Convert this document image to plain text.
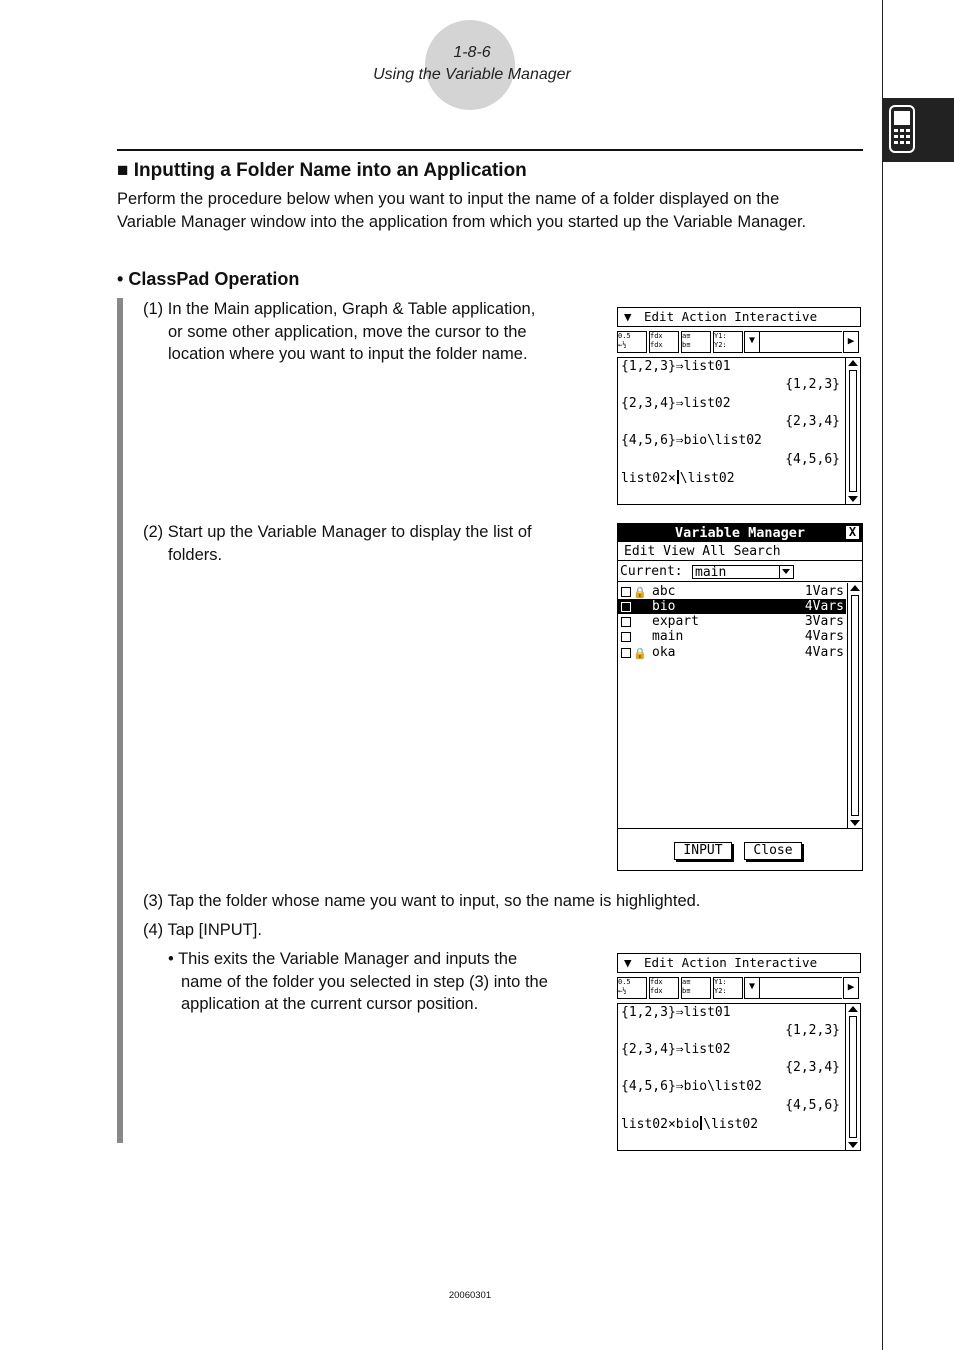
1-8-6
Using the Variable Manager
■ Inputting a Folder Name into an Application
Perform the procedure below when you want to input the name of a folder displayed on the Variable Manager window into the application from which you started up the Variable Manager.
• ClassPad Operation
(1) In the Main application, Graph & Table application,
or some other application, move the cursor to the
location where you want to input the folder name.
(2) Start up the Variable Manager to display the list of
folders.
(3) Tap the folder whose name you want to input, so the name is highlighted.
(4) Tap [INPUT].
• This exits the Variable Manager and inputs the
name of the folder you selected in step (3) into the
application at the current cursor position.
▼ Edit Action Interactive
0.5
←½
fdx
fdx
a≡
b≡
Y1:
Y2:	▼	▶
{1,2,3}⇒list01
{1,2,3}
{2,3,4}⇒list02
{2,3,4}
{4,5,6}⇒bio\list02
{4,5,6}
list02× \list02
Variable Manager	X
Edit View All Search
Current: main
🔒 abc	1Vars
bio	4Vars
expart	3Vars
main	4Vars
🔒 oka	4Vars
INPUT	Close
▼ Edit Action Interactive
0.5
←½
fdx
fdx
a≡
b≡
Y1:
Y2:	▼	▶
{1,2,3}⇒list01
{1,2,3}
{2,3,4}⇒list02
{2,3,4}
{4,5,6}⇒bio\list02
{4,5,6}
list02×bio \list02
20060301
